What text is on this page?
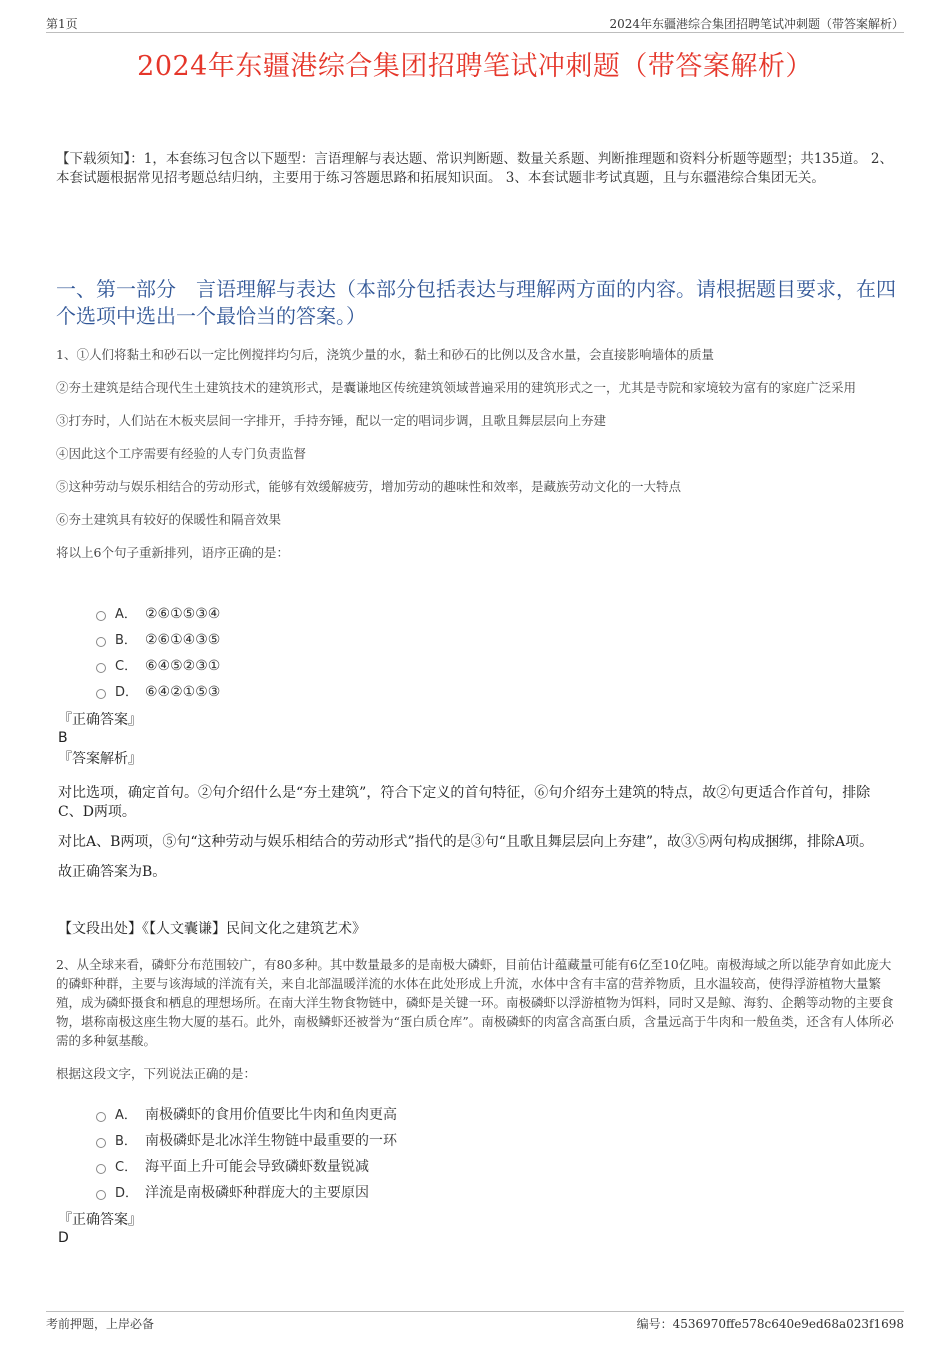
第1页	2024年东疆港综合集团招聘笔试冲刺题（带答案解析）
2024年东疆港综合集团招聘笔试冲刺题（带答案解析）
【下载须知】：1，本套练习包含以下题型：言语理解与表达题、常识判断题、数量关系题、判断推理题和资料分析题等题型；共135道。 2、本套试题根据常见招考题总结归纳，主要用于练习答题思路和拓展知识面。 3、本套试题非考试真题，且与东疆港综合集团无关。
一、第一部分　言语理解与表达（本部分包括表达与理解两方面的内容。请根据题目要求，在四个选项中选出一个最恰当的答案。）

1、①人们将黏土和砂石以一定比例搅拌均匀后，浇筑少量的水，黏土和砂石的比例以及含水量，会直接影响墙体的质量

②夯土建筑是结合现代生土建筑技术的建筑形式，是囊谦地区传统建筑领域普遍采用的建筑形式之一，尤其是寺院和家境较为富有的家庭广泛采用

③打夯时，人们站在木板夹层间一字排开，手持夯锤，配以一定的唱词步调，且歌且舞层层向上夯建

④因此这个工序需要有经验的人专门负责监督

⑤这种劳动与娱乐相结合的劳动形式，能够有效缓解疲劳，增加劳动的趣味性和效率，是藏族劳动文化的一大特点

⑥夯土建筑具有较好的保暖性和隔音效果

将以上6个句子重新排列，语序正确的是：

A． ②⑥①⑤③④
B． ②⑥①④③⑤
C． ⑥④⑤②③①
D． ⑥④②①⑤③
『正确答案』
B
『答案解析』

对比选项，确定首句。②句介绍什么是“夯土建筑”，符合下定义的首句特征，⑥句介绍夯土建筑的特点，故②句更适合作首句，排除C、D两项。

对比A、B两项，⑤句“这种劳动与娱乐相结合的劳动形式”指代的是③句“且歌且舞层层向上夯建”，故③⑤两句构成捆绑，排除A项。

故正确答案为B。

【文段出处】《【人文囊谦】民间文化之建筑艺术》

2、从全球来看，磷虾分布范围较广，有80多种。其中数量最多的是南极大磷虾，目前估计蕴藏量可能有6亿至10亿吨。南极海域之所以能孕育如此庞大的磷虾种群，主要与该海域的洋流有关，来自北部温暖洋流的水体在此处形成上升流，水体中含有丰富的营养物质，且水温较高，使得浮游植物大量繁殖，成为磷虾摄食和栖息的理想场所。在南大洋生物食物链中，磷虾是关键一环。南极磷虾以浮游植物为饵料，同时又是鲸、海豹、企鹅等动物的主要食物，堪称南极这座生物大厦的基石。此外，南极鳞虾还被誉为“蛋白质仓库”。南极磷虾的肉富含高蛋白质，含量远高于牛肉和一般鱼类，还含有人体所必需的多种氨基酸。

根据这段文字，下列说法正确的是：

A． 南极磷虾的食用价值要比牛肉和鱼肉更高
B． 南极磷虾是北冰洋生物链中最重要的一环
C． 海平面上升可能会导致磷虾数量锐减
D． 洋流是南极磷虾种群庞大的主要原因
『正确答案』
D
考前押题，上岸必备	编号：4536970ffe578c640e9ed68a023f1698
